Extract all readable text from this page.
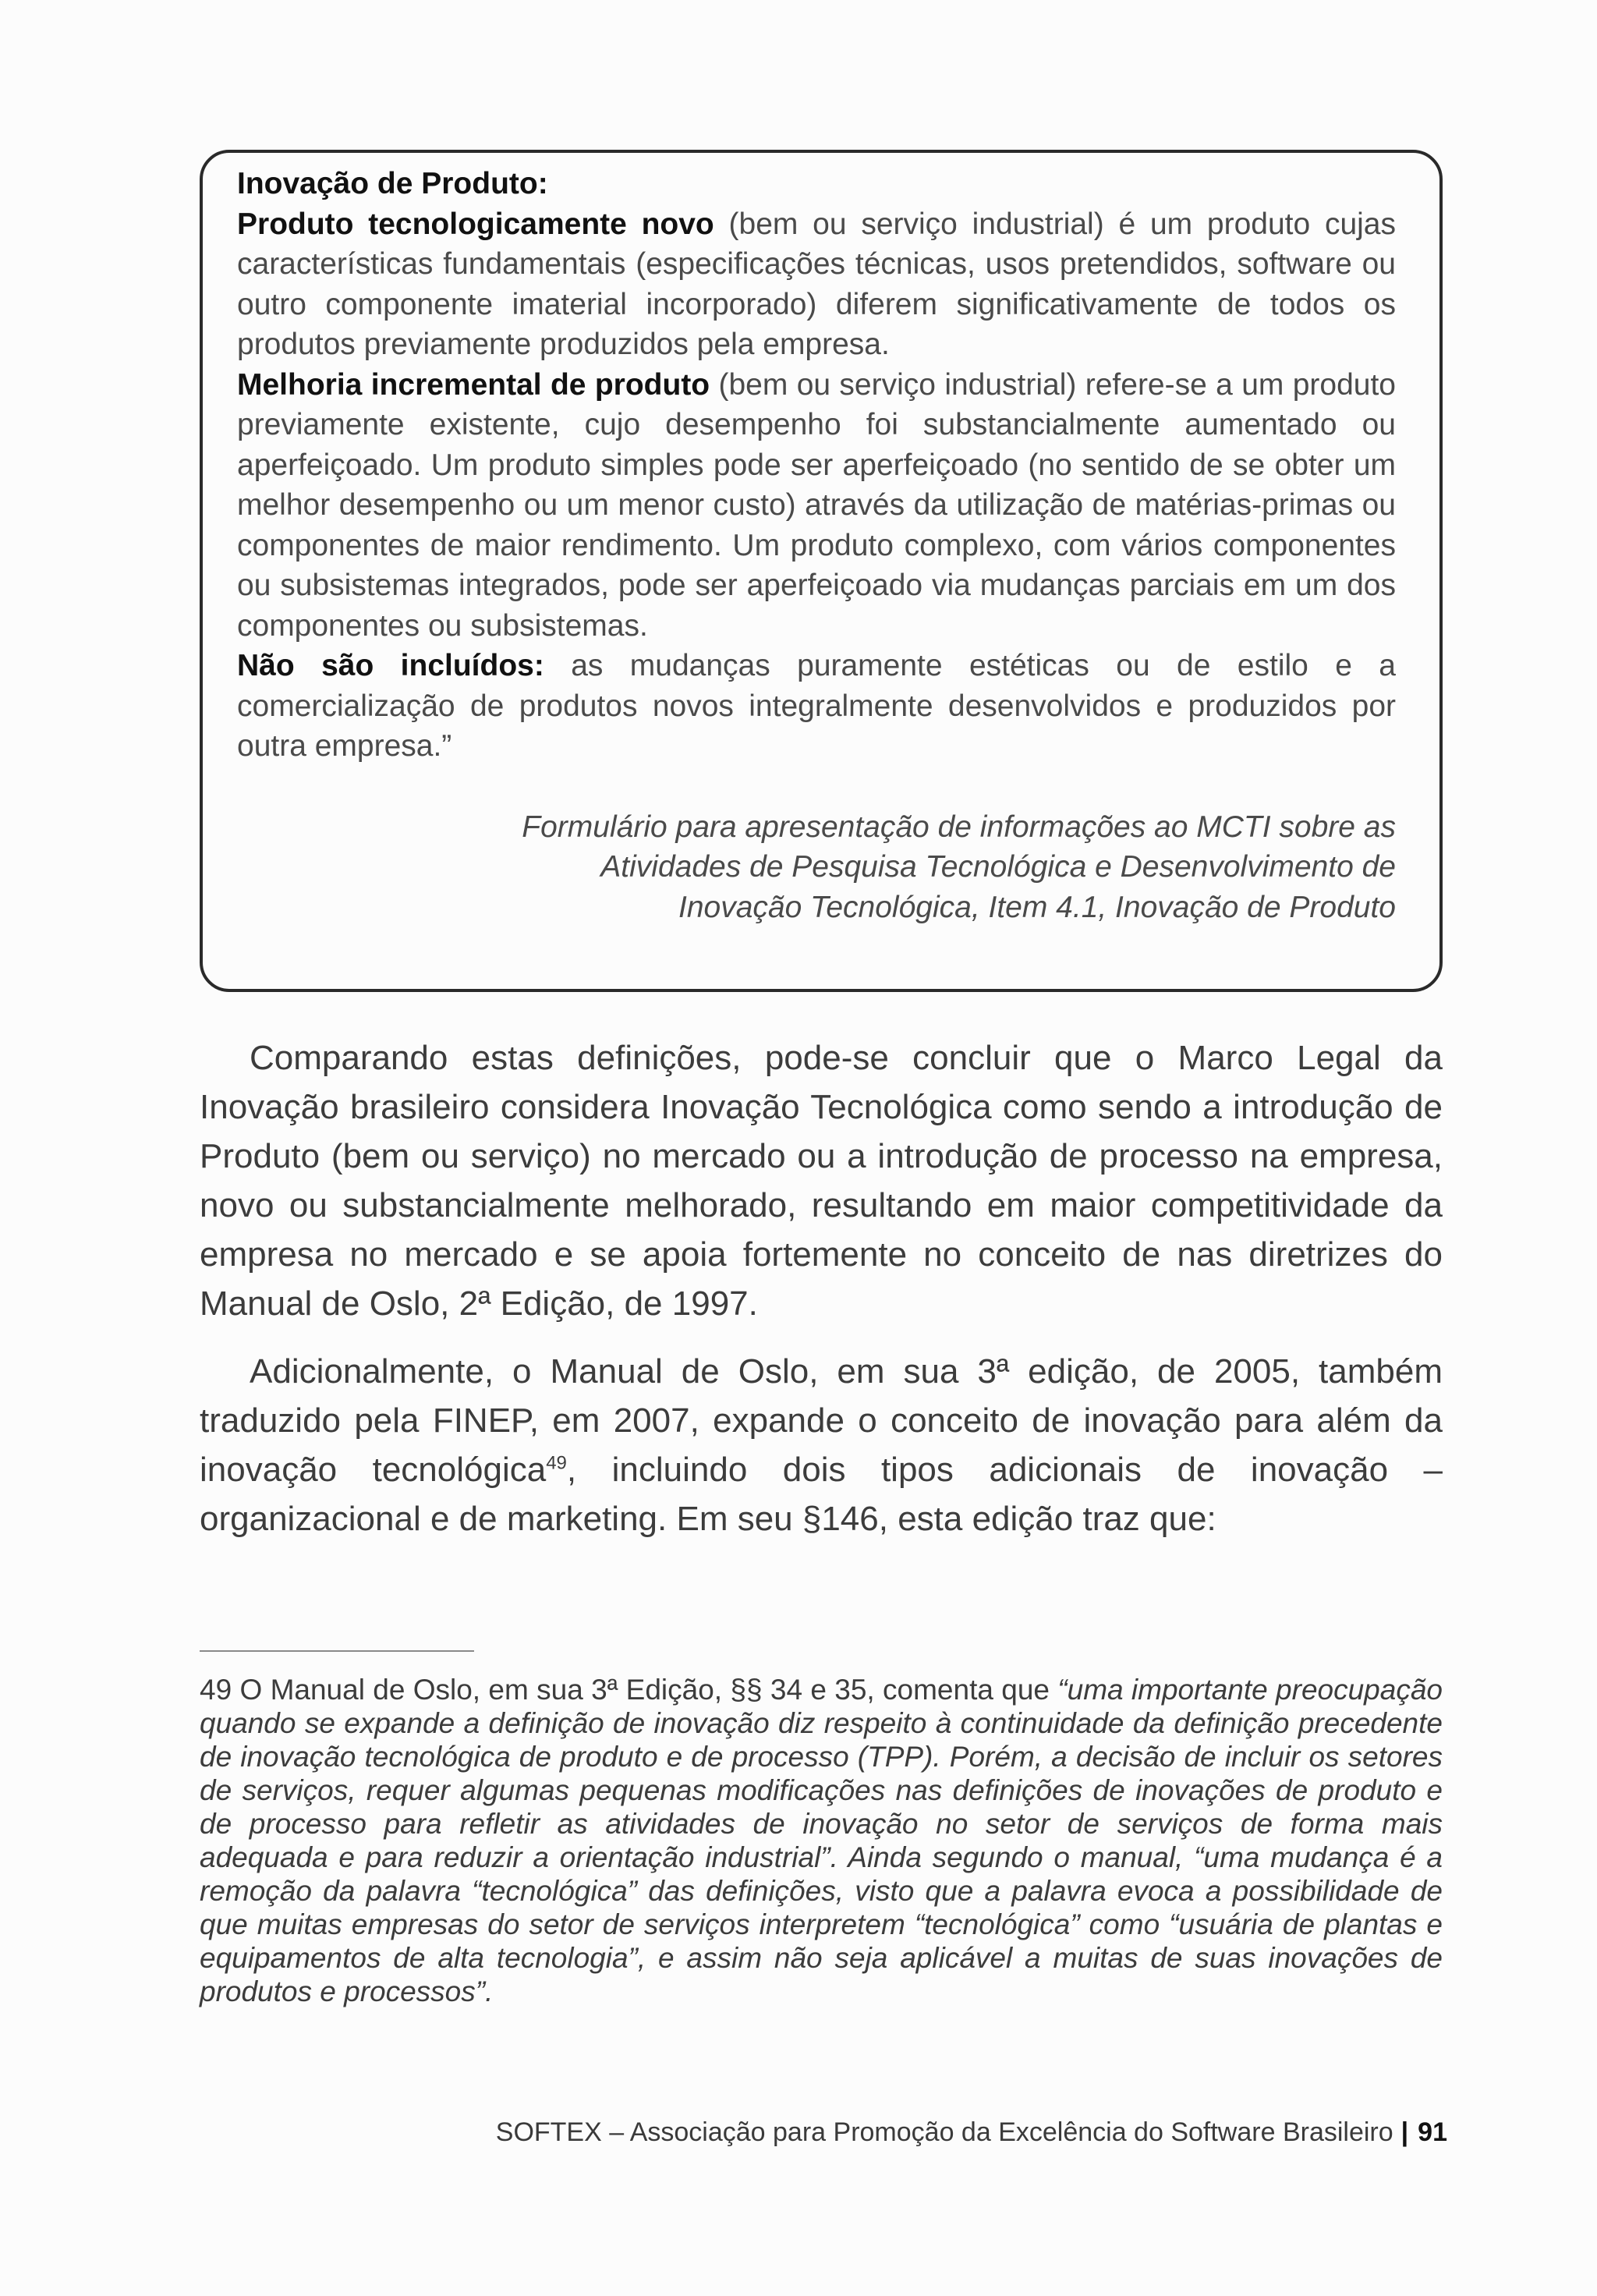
Inovação de Produto:

Produto tecnologicamente novo (bem ou serviço industrial) é um produto cujas características fundamentais (especificações técnicas, usos pretendidos, software ou outro componente imaterial incorporado) diferem significativamente de todos os produtos previamente produzidos pela empresa.

Melhoria incremental de produto (bem ou serviço industrial) refere-se a um produto previamente existente, cujo desempenho foi substancialmente aumentado ou aperfeiçoado. Um produto simples pode ser aperfeiçoado (no sentido de se obter um melhor desempenho ou um menor custo) através da utilização de matérias-primas ou componentes de maior rendimento. Um produto complexo, com vários componentes ou subsistemas integrados, pode ser aperfeiçoado via mudanças parciais em um dos componentes ou subsistemas.

Não são incluídos: as mudanças puramente estéticas ou de estilo e a comercialização de produtos novos integralmente desenvolvidos e produzidos por outra empresa.”

Formulário para apresentação de informações ao MCTI sobre as
Atividades de Pesquisa Tecnológica e Desenvolvimento de
Inovação Tecnológica, Item 4.1, Inovação de Produto

Comparando estas definições, pode-se concluir que o Marco Legal da Inovação brasileiro considera Inovação Tecnológica como sendo a introdução de Produto (bem ou serviço) no mercado ou a introdução de processo na empresa, novo ou substancialmente melhorado, resultando em maior competitividade da empresa no mercado e se apoia fortemente no conceito de nas diretrizes do Manual de Oslo, 2ª Edição, de 1997.

Adicionalmente, o Manual de Oslo, em sua 3ª edição, de 2005, também traduzido pela FINEP, em 2007, expande o conceito de inovação para além da inovação tecnológica$^{49}$, incluindo dois tipos adicionais de inovação – organizacional e de marketing. Em seu §146, esta edição traz que:

49 O Manual de Oslo, em sua 3ª Edição, §§ 34 e 35, comenta que “uma importante preocupação quando se expande a definição de inovação diz respeito à continuidade da definição precedente de inovação tecnológica de produto e de processo (TPP). Porém, a decisão de incluir os setores de serviços, requer algumas pequenas modificações nas definições de inovações de produto e de processo para refletir as atividades de inovação no setor de serviços de forma mais adequada e para reduzir a orientação industrial”. Ainda segundo o manual, “uma mudança é a remoção da palavra “tecnológica” das definições, visto que a palavra evoca a possibilidade de que muitas empresas do setor de serviços interpretem “tecnológica” como “usuária de plantas e equipamentos de alta tecnologia”, e assim não seja aplicável a muitas de suas inovações de produtos e processos”.

SOFTEX – Associação para Promoção da Excelência do Software Brasileiro | 91
